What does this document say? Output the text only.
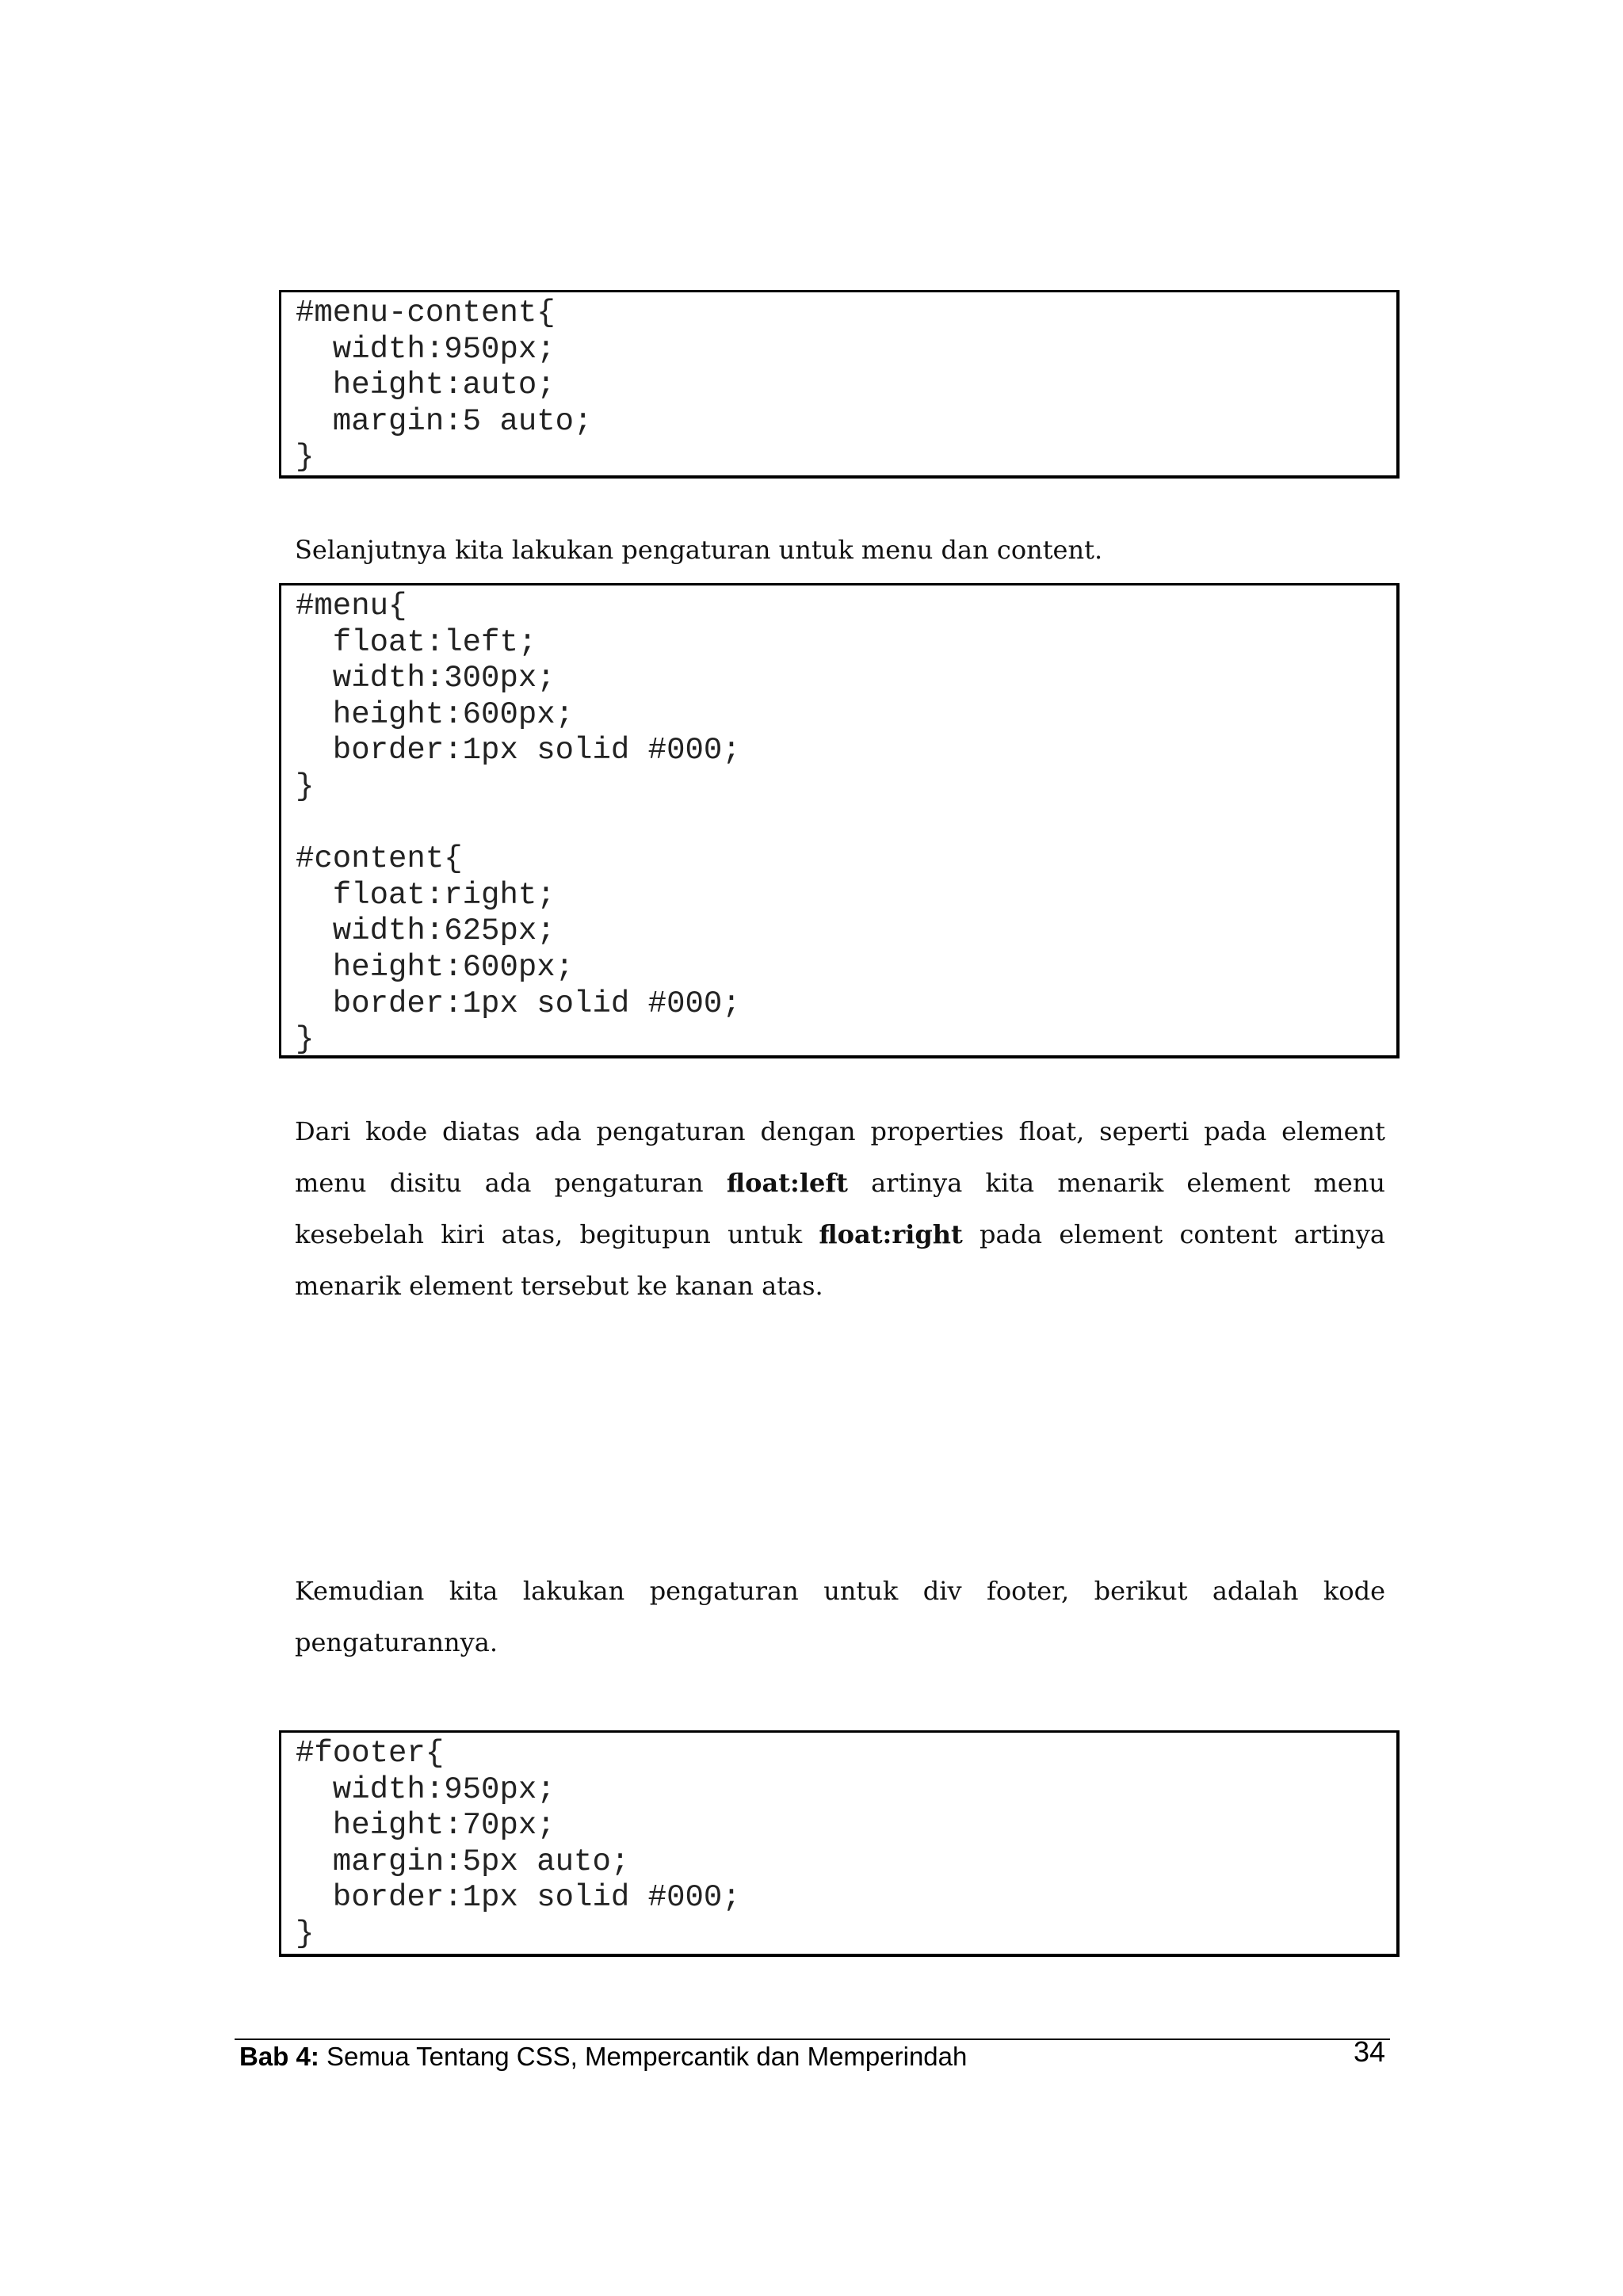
#menu-content{
width:950px;
height:auto;
margin:5 auto;
}
Selanjutnya kita lakukan pengaturan untuk menu dan content.
#menu{
float:left;
width:300px;
height:600px;
border:1px solid #000;
}
#content{
float:right;
width:625px;
height:600px;
border:1px solid #000;
}
Dari kode diatas ada pengaturan dengan properties float, seperti pada element menu disitu ada pengaturan float:left artinya kita menarik element menu kesebelah kiri atas, begitupun untuk float:right pada element content artinya menarik element tersebut ke kanan atas.
Kemudian kita lakukan pengaturan untuk div footer, berikut adalah kode pengaturannya.
#footer{
width:950px;
height:70px;
margin:5px auto;
border:1px solid #000;
}
Bab 4: Semua Tentang CSS, Mempercantik dan Memperindah	34
